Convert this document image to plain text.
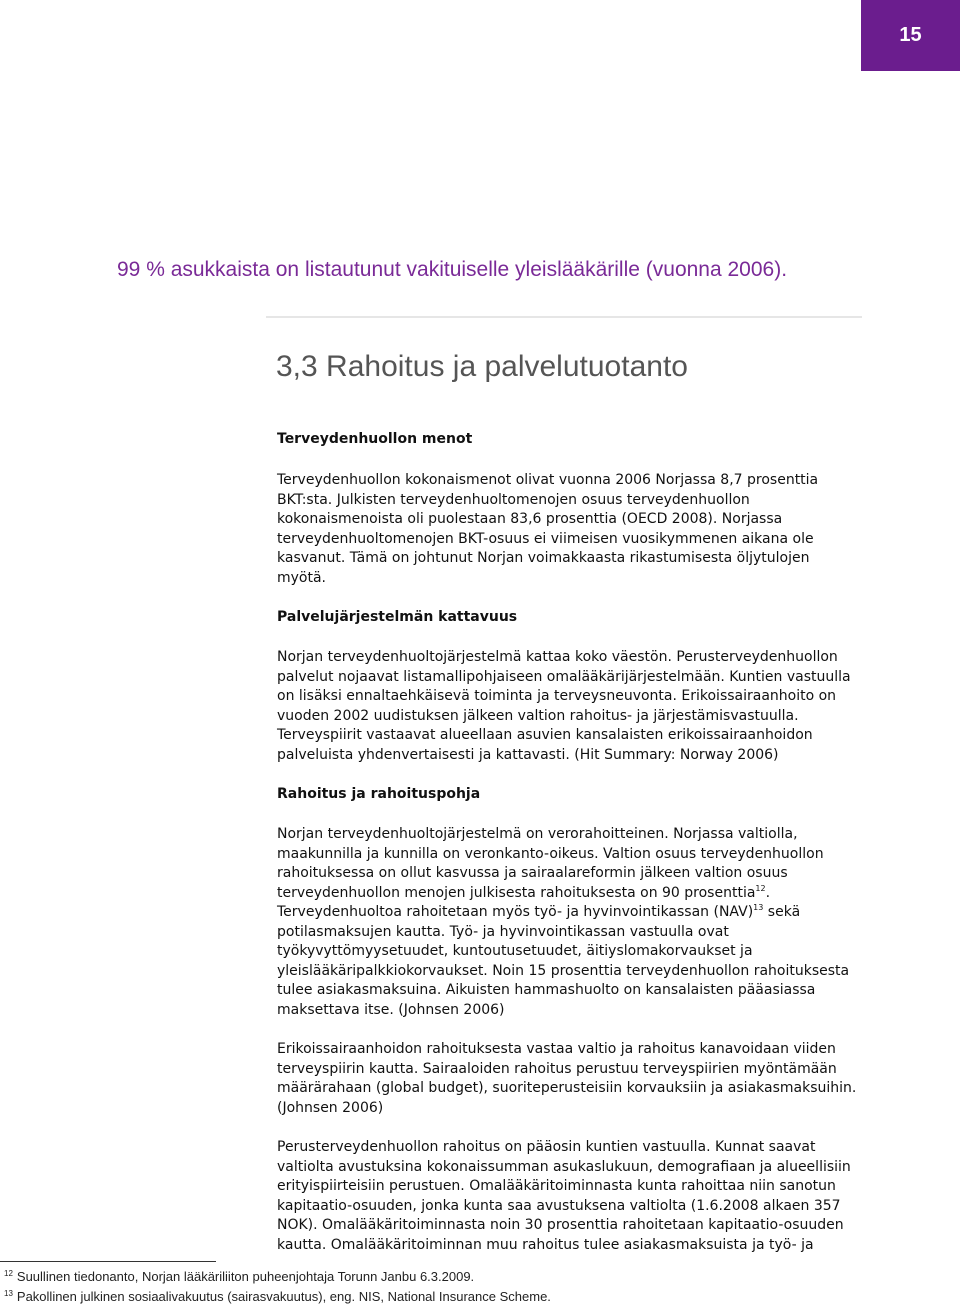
15

99 % asukkaista on listautunut vakituiselle yleislääkärille (vuonna 2006).

3,3 Rahoitus ja palvelutuotanto
Terveydenhuollon menot
Terveydenhuollon kokonaismenot olivat vuonna 2006 Norjassa 8,7 prosenttia
BKT:sta. Julkisten terveydenhuoltomenojen osuus terveydenhuollon
kokonaismenoista oli puolestaan 83,6 prosenttia (OECD 2008). Norjassa
terveydenhuoltomenojen BKT-osuus ei viimeisen vuosikymmenen aikana ole
kasvanut. Tämä on johtunut Norjan voimakkaasta rikastumisesta öljytulojen
myötä.
Palvelujärjestelmän kattavuus
Norjan terveydenhuoltojärjestelmä kattaa koko väestön. Perusterveydenhuollon
palvelut nojaavat listamallipohjaiseen omalääkärijärjestelmään. Kuntien vastuulla
on lisäksi ennaltaehkäisevä toiminta ja terveysneuvonta. Erikoissairaanhoito on
vuoden 2002 uudistuksen jälkeen valtion rahoitus- ja järjestämisvastuulla.
Terveyspiirit vastaavat alueellaan asuvien kansalaisten erikoissairaanhoidon
palveluista yhdenvertaisesti ja kattavasti. (Hit Summary: Norway 2006)
Rahoitus ja rahoituspohja
Norjan terveydenhuoltojärjestelmä on verorahoitteinen. Norjassa valtiolla,
maakunnilla ja kunnilla on veronkanto-oikeus. Valtion osuus terveydenhuollon
rahoituksessa on ollut kasvussa ja sairaalareformin jälkeen valtion osuus
terveydenhuollon menojen julkisesta rahoituksesta on 90 prosenttia$^{12}$.
Terveydenhuoltoa rahoitetaan myös työ- ja hyvinvointikassan (NAV)$^{13}$ sekä
potilasmaksujen kautta. Työ- ja hyvinvointikassan vastuulla ovat
työkyvyttömyysetuudet, kuntoutusetuudet, äitiyslomakorvaukset ja
yleislääkäripalkkiokorvaukset. Noin 15 prosenttia terveydenhuollon rahoituksesta
tulee asiakasmaksuina. Aikuisten hammashuolto on kansalaisten pääasiassa
maksettava itse. (Johnsen 2006)
Erikoissairaanhoidon rahoituksesta vastaa valtio ja rahoitus kanavoidaan viiden
terveyspiirin kautta. Sairaaloiden rahoitus perustuu terveyspiirien myöntämään
määrärahaan (global budget), suoriteperusteisiin korvauksiin ja asiakasmaksuihin.
(Johnsen 2006)
Perusterveydenhuollon rahoitus on pääosin kuntien vastuulla. Kunnat saavat
valtiolta avustuksina kokonaissumman asukaslukuun, demografiaan ja alueellisiin
erityispiirteisiin perustuen. Omalääkäritoiminnasta kunta rahoittaa niin sanotun
kapitaatio-osuuden, jonka kunta saa avustuksena valtiolta (1.6.2008 alkaen 357
NOK). Omalääkäritoiminnasta noin 30 prosenttia rahoitetaan kapitaatio-osuuden
kautta. Omalääkäritoiminnan muu rahoitus tulee asiakasmaksuista ja työ- ja

$^{12}$ Suullinen tiedonanto, Norjan lääkäriliiton puheenjohtaja Torunn Janbu 6.3.2009.

$^{13}$ Pakollinen julkinen sosiaalivakuutus (sairasvakuutus), eng. NIS, National Insurance Scheme.
